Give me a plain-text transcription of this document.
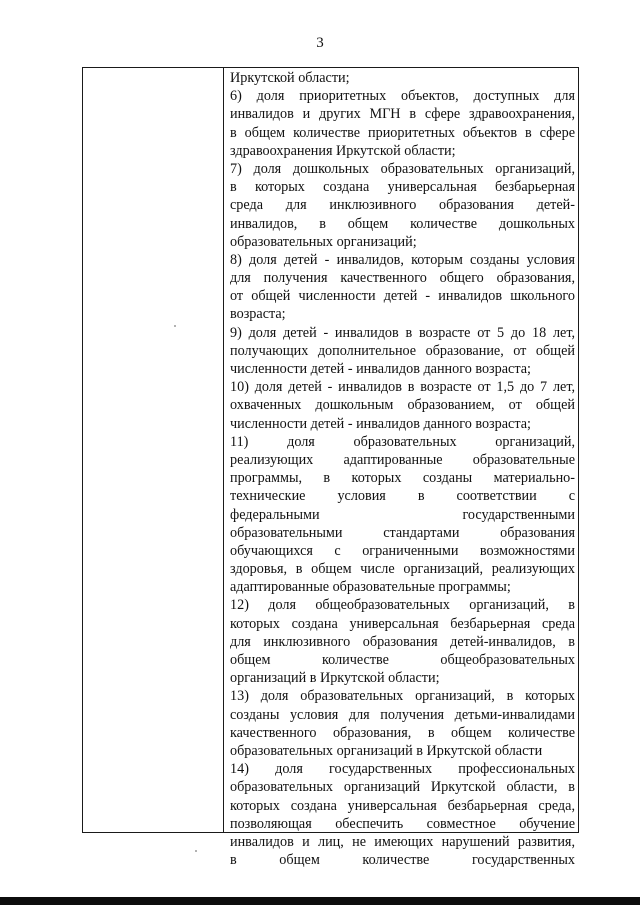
3
Иркутской области;
6) доля приоритетных объектов, доступных для
инвалидов и других МГН в сфере здравоохранения,
в общем количестве приоритетных объектов в сфере
здравоохранения Иркутской области;
7) доля дошкольных образовательных организаций,
в которых создана универсальная безбарьерная
среда для инклюзивного образования детей-
инвалидов, в общем количестве дошкольных
образовательных организаций;
8) доля детей - инвалидов, которым созданы условия
для получения качественного общего образования,
от общей численности детей - инвалидов школьного
возраста;
9) доля детей - инвалидов в возрасте от 5 до 18 лет,
получающих дополнительное образование, от общей
численности детей - инвалидов данного возраста;
10) доля детей - инвалидов в возрасте от 1,5 до 7 лет,
охваченных дошкольным образованием, от общей
численности детей - инвалидов данного возраста;
11) доля образовательных организаций,
реализующих адаптированные образовательные
программы, в которых созданы материально-
технические условия в соответствии с
федеральными государственными
образовательными стандартами образования
обучающихся с ограниченными возможностями
здоровья, в общем числе организаций, реализующих
адаптированные образовательные программы;
12) доля общеобразовательных организаций, в
которых создана универсальная безбарьерная среда
для инклюзивного образования детей-инвалидов, в
общем количестве общеобразовательных
организаций в Иркутской области;
13) доля образовательных организаций, в которых
созданы условия для получения детьми-инвалидами
качественного образования, в общем количестве
образовательных организаций в Иркутской области
14) доля государственных профессиональных
образовательных организаций Иркутской области, в
которых создана универсальная безбарьерная среда,
позволяющая обеспечить совместное обучение
инвалидов и лиц, не имеющих нарушений развития,
в общем количестве государственных
